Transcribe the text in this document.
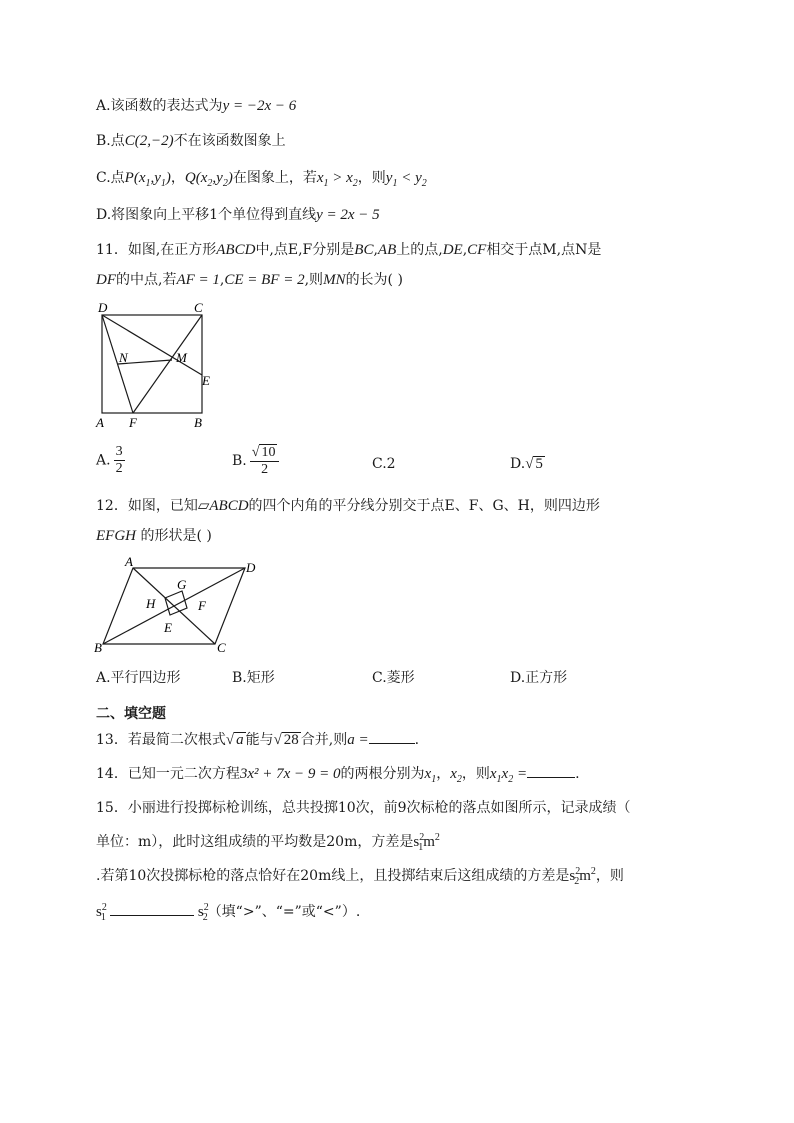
A.该函数的表达式为y = −2x − 6
B.点C(2,−2)不在该函数图象上
C.点$P(x_1,y_1)$，$Q(x_2,y_2)$在图象上，若$x_1 > x_2$，则$y_1 < y_2$
D.将图象向上平移1个单位得到直线y = 2x − 5
11．如图,在正方形ABCD中,点E,F分别是BC,AB上的点,DE,CF相交于点M,点N是
DF的中点,若AF = 1,CE = BF = 2,则MN的长为( )
D	C
N	M
E
A F	B
A. $\frac{3}{2}$	B. $\frac{√ 10}{2}$	C.2	D.√ 5
12．如图，已知▱ABCD的四个内角的平分线分别交于点E、F、G、H，则四边形
EFGH 的形状是( )
A	D
G
H	F
E
B	C
A.平行四边形	B.矩形	C.菱形	D.正方形
二、填空题
13．若最简二次根式√ a 能与√ 28 合并,则a =	.
14．已知一元二次方程3x² + 7x − 9 = 0的两根分别为$x_1$，$x_2$，则$x_1x_2$ =	.
15．小丽进行投掷标枪训练，总共投掷10次，前9次标枪的落点如图所示，记录成绩（
单位：m），此时这组成绩的平均数是20m，方差是$s^2_1m^2$
.若第10次投掷标枪的落点恰好在20m线上，且投掷结束后这组成绩的方差是$s^2_2m^2$，则
$s^2_1$	$s^2_2$（填“>”、“=”或“<”）.
